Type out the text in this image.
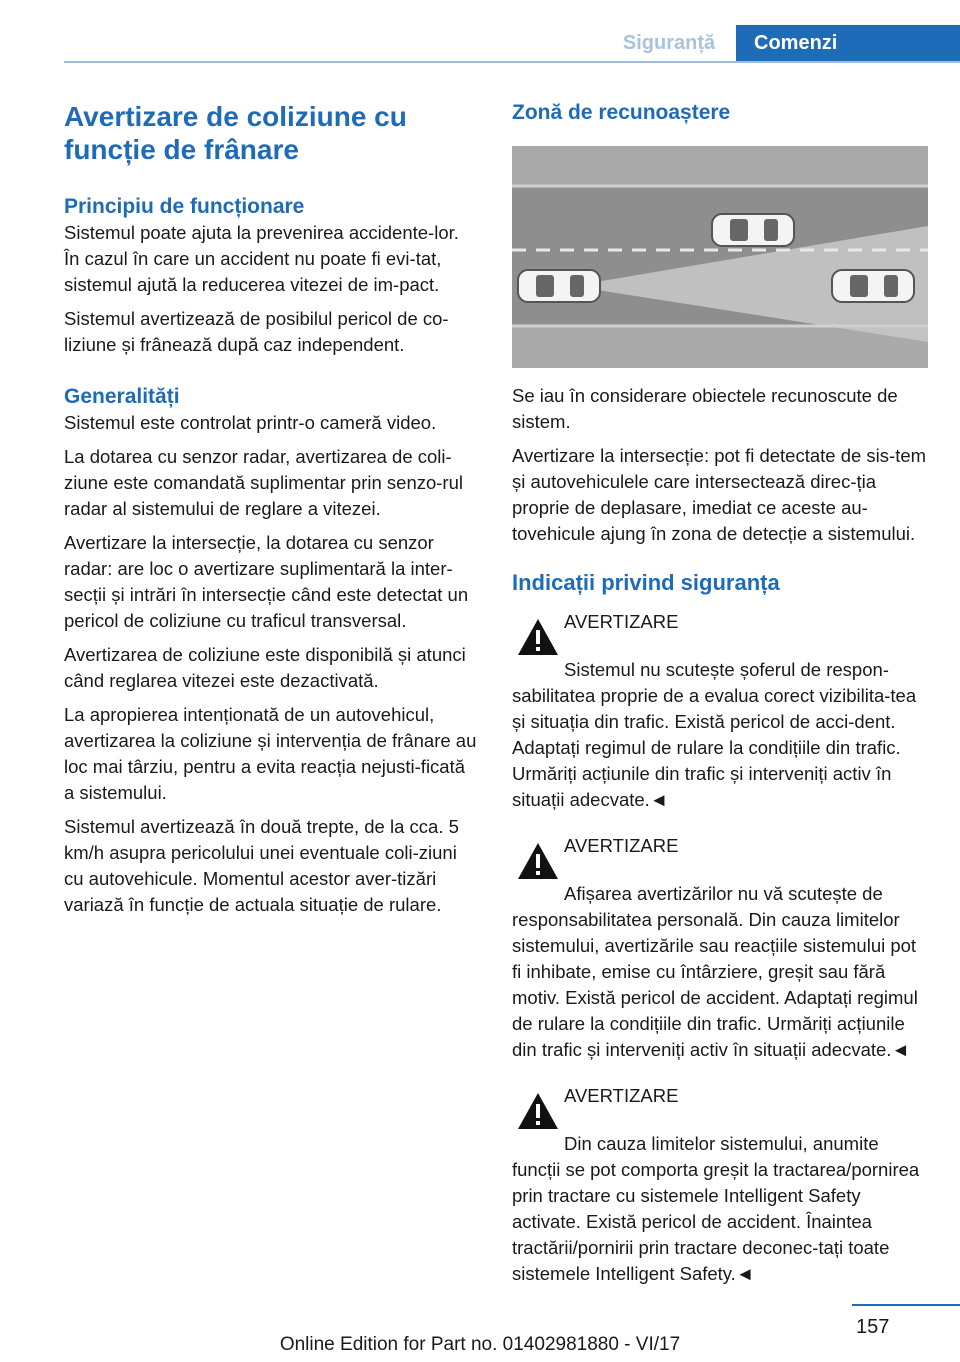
Siguranță	Comenzi
Avertizare de coliziune cu funcție de frânare
Principiu de funcționare

Sistemul poate ajuta la prevenirea accidente-lor. În cazul în care un accident nu poate fi evi-tat, sistemul ajută la reducerea vitezei de im-pact.

Sistemul avertizează de posibilul pericol de co-liziune și frânează după caz independent.

Generalități

Sistemul este controlat printr-o cameră video.

La dotarea cu senzor radar, avertizarea de coli-ziune este comandată suplimentar prin senzo-rul radar al sistemului de reglare a vitezei.

Avertizare la intersecție, la dotarea cu senzor radar: are loc o avertizare suplimentară la inter-secții și intrări în intersecție când este detectat un pericol de coliziune cu traficul transversal.

Avertizarea de coliziune este disponibilă și atunci când reglarea vitezei este dezactivată.

La apropierea intenționată de un autovehicul, avertizarea la coliziune și intervenția de frânare au loc mai târziu, pentru a evita reacția nejusti-ficată a sistemului.

Sistemul avertizează în două trepte, de la cca. 5 km/h asupra pericolului unei eventuale coli-ziuni cu autovehicule. Momentul acestor aver-tizări variază în funcție de actuala situație de rulare.

Zonă de recunoaștere

Se iau în considerare obiectele recunoscute de sistem.

Avertizare la intersecție: pot fi detectate de sis-tem și autovehiculele care intersectează direc-ția proprie de deplasare, imediat ce aceste au-tovehicule ajung în zona de detecție a sistemului.

Indicații privind siguranța
AVERTIZARE

Sistemul nu scutește șoferul de respon-sabilitatea proprie de a evalua corect vizibilita-tea și situația din trafic. Există pericol de acci-dent. Adaptați regimul de rulare la condițiile din trafic. Urmăriți acțiunile din trafic și interveniți activ în situații adecvate.◄

AVERTIZARE

Afișarea avertizărilor nu vă scutește de responsabilitatea personală. Din cauza limitelor sistemului, avertizările sau reacțiile sistemului pot fi inhibate, emise cu întârziere, greșit sau fără motiv. Există pericol de accident. Adaptați regimul de rulare la condițiile din trafic. Urmăriți acțiunile din trafic și interveniți activ în situații adecvate.◄

AVERTIZARE

Din cauza limitelor sistemului, anumite funcții se pot comporta greșit la tractarea/pornirea prin tractare cu sistemele Intelligent Safety activate. Există pericol de accident. Înaintea tractării/pornirii prin tractare deconec-tați toate sistemele Intelligent Safety.◄

157
Online Edition for Part no. 01402981880 - VI/17
